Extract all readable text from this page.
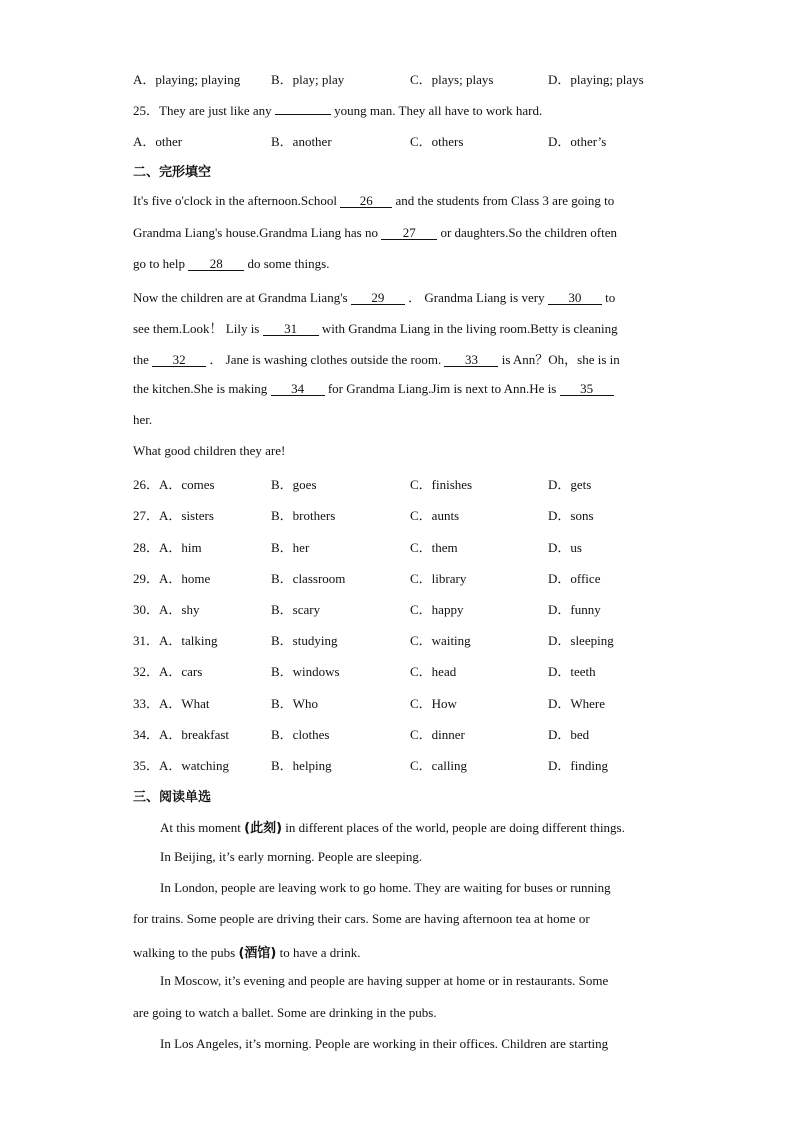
A．playing; playing B．play; play	C．plays; plays	D．playing; plays
25．They are just like any	young man. They all have to work hard.
A．other	B．another	C．others	D．other’s
二、完形填空
It's five o'clock in the afternoon.School 26 and the students from Class 3 are going to
Grandma Liang's house.Grandma Liang has no 27 or daughters.So the children often
go to help 28 do some things.
Now the children are at Grandma Liang's 29 ． Grandma Liang is very 30 to
see them.Look！ Lily is 31 with Grandma Liang in the living room.Betty is cleaning
the 32 ． Jane is washing clothes outside the room. 33 is Ann？Oh，she is in
the kitchen.She is making 34 for Grandma Liang.Jim is next to Ann.He is 35
her.
What good children they are!
26．A．comes	B．goes	C．finishes	D．gets
27．A．sisters	B．brothers	C．aunts	D．sons
28．A．him	B．her	C．them	D．us
29．A．home	B．classroom	C．library	D．office
30．A．shy	B．scary	C．happy	D．funny
31．A．talking	B．studying	C．waiting	D．sleeping
32．A．cars	B．windows	C．head	D．teeth
33．A．What	B．Who	C．How	D．Where
34．A．breakfast	B．clothes	C．dinner	D．bed
35．A．watching	B．helping	C．calling	D．finding
三、阅读单选
At this moment (此刻) in different places of the world, people are doing different things.
In Beijing, it’s early morning. People are sleeping.
In London, people are leaving work to go home. They are waiting for buses or running
for trains. Some people are driving their cars. Some are having afternoon tea at home or
walking to the pubs (酒馆) to have a drink.
In Moscow, it’s evening and people are having supper at home or in restaurants. Some
are going to watch a ballet. Some are drinking in the pubs.
In Los Angeles, it’s morning. People are working in their offices. Children are starting
